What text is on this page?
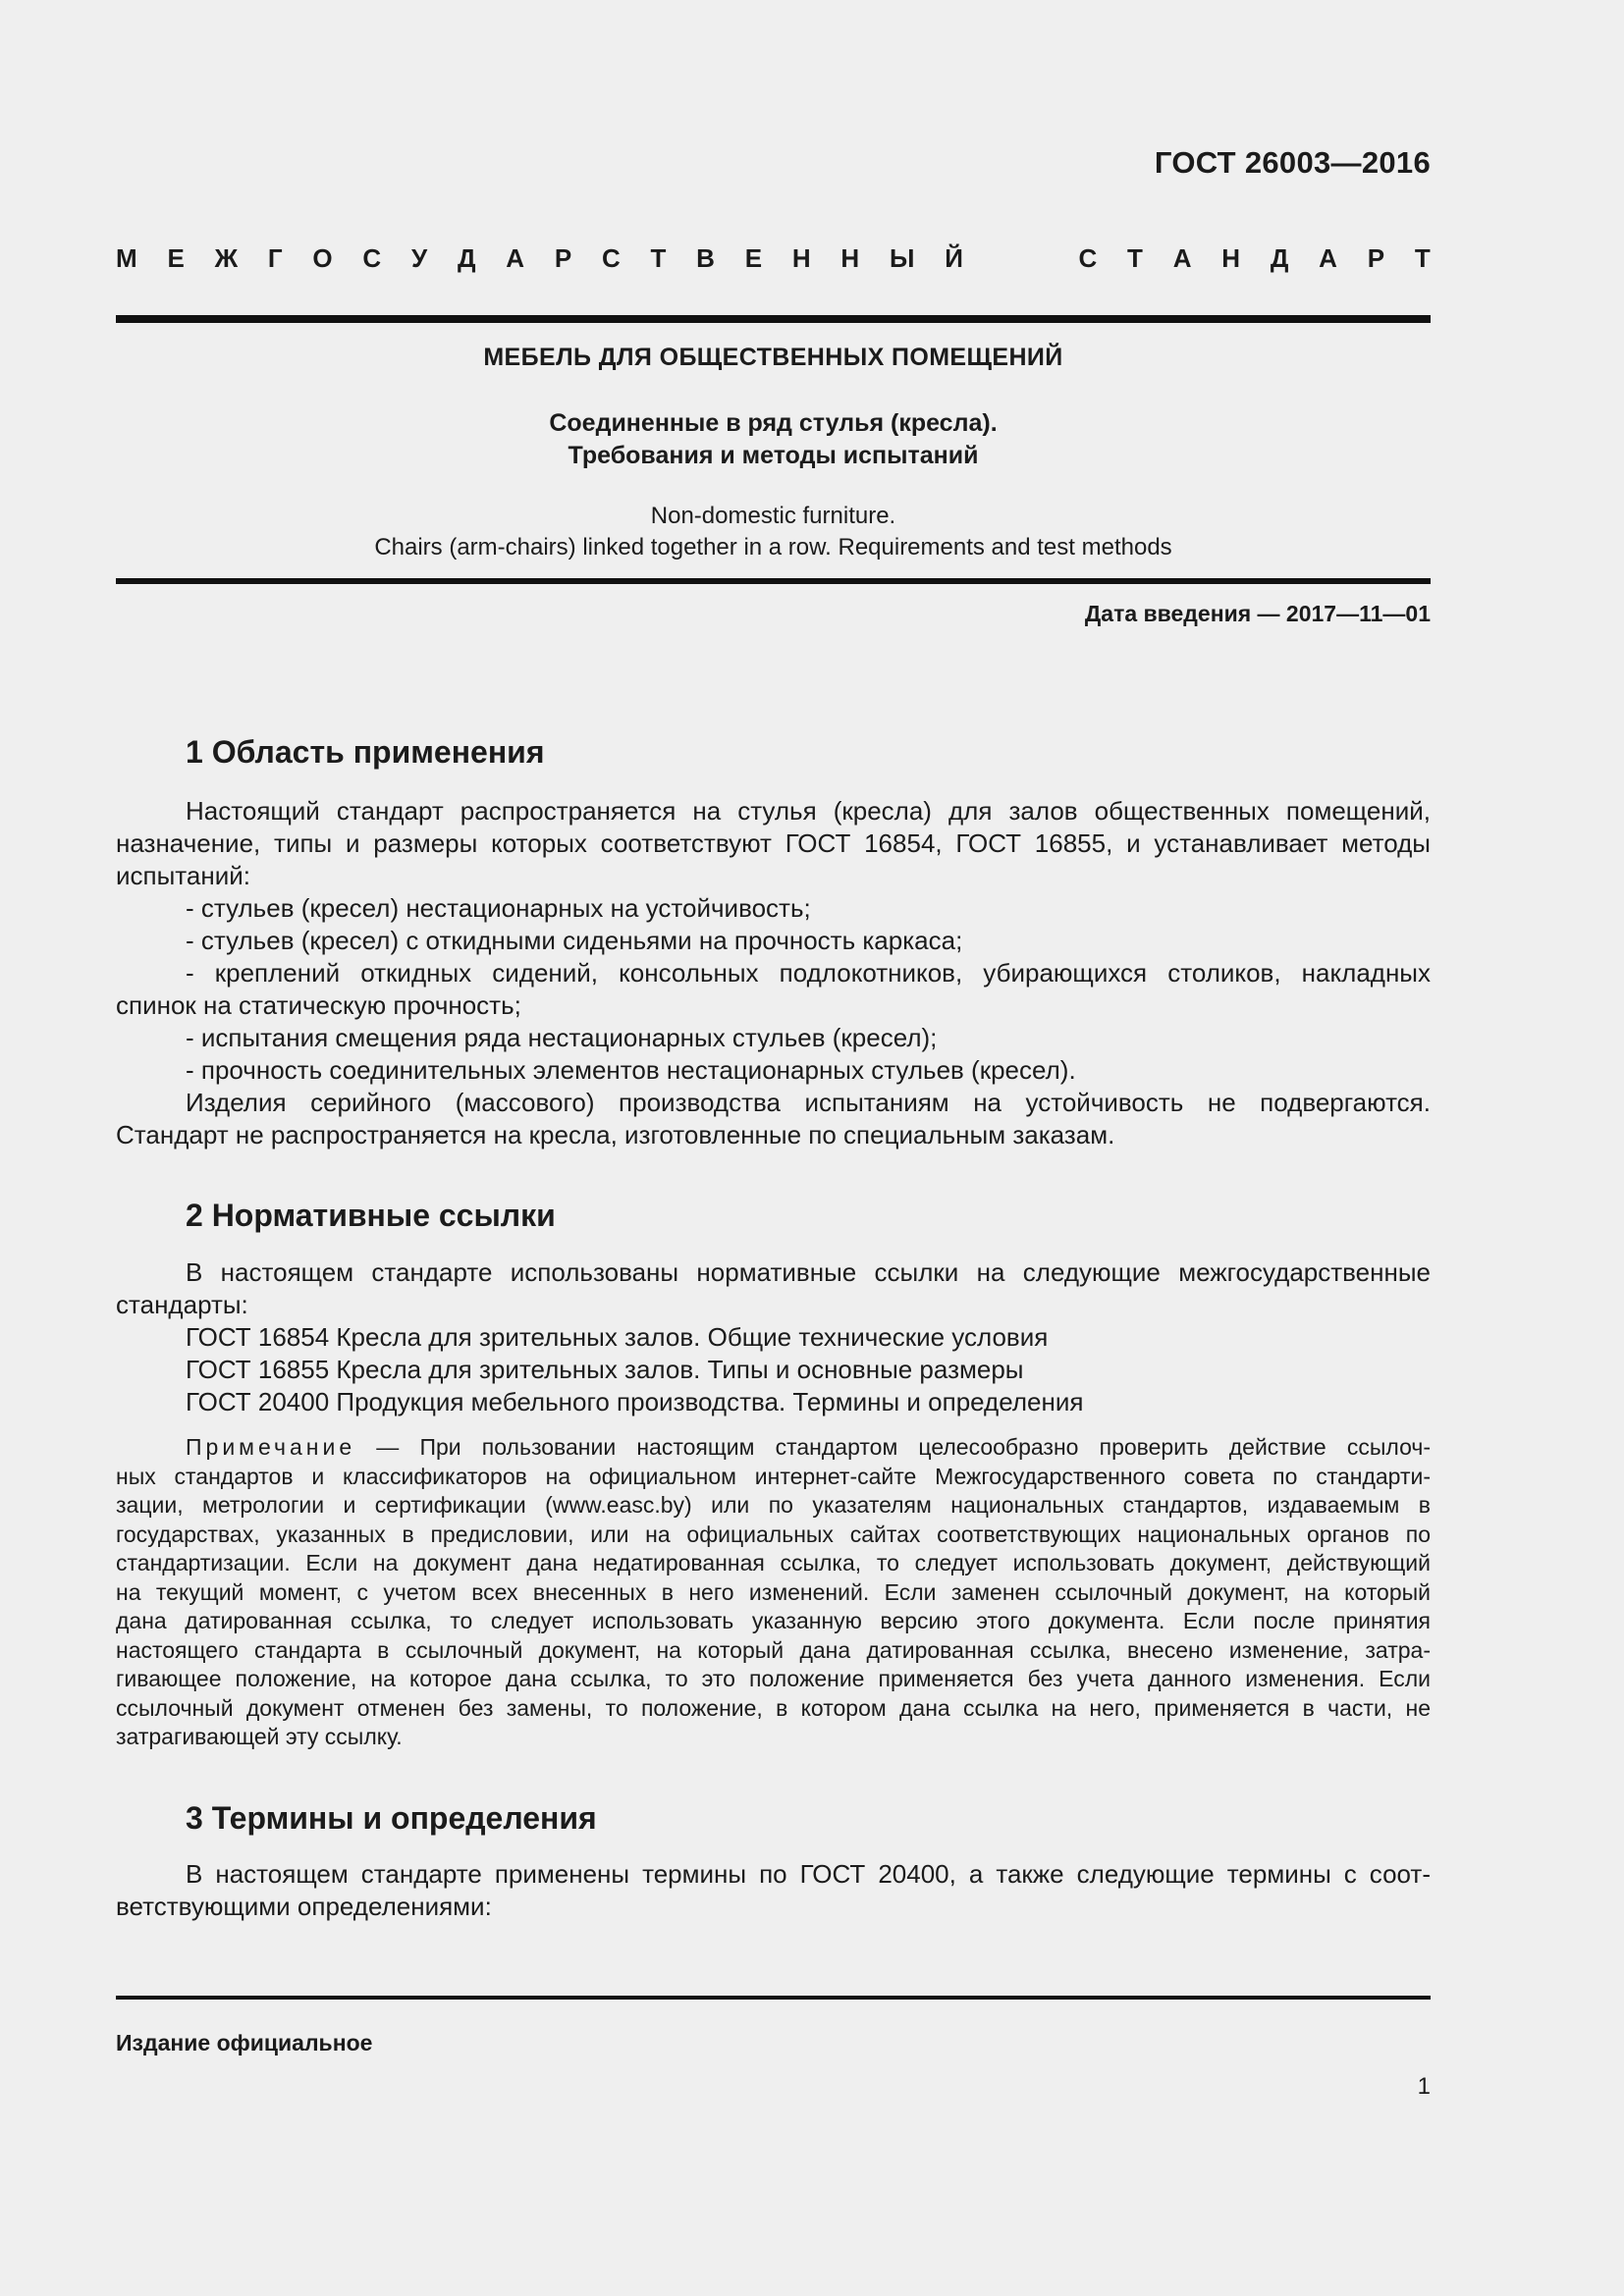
ГОСТ 26003—2016
М Е Ж Г О С У Д А Р С Т В Е Н Н Ы Й	С Т А Н Д А Р Т
МЕБЕЛЬ ДЛЯ ОБЩЕСТВЕННЫХ ПОМЕЩЕНИЙ
Соединенные в ряд стулья (кресла).
Требования и методы испытаний
Non-domestic furniture.
Chairs (arm-chairs) linked together in a row. Requirements and test methods
Дата введения — 2017—11—01
1 Область применения
Настоящий стандарт распространяется на стулья (кресла) для залов общественных помещений,
назначение, типы и размеры которых соответствуют ГОСТ 16854, ГОСТ 16855, и устанавливает методы
испытаний:
- стульев (кресел) нестационарных на устойчивость;
- стульев (кресел) с откидными сиденьями на прочность каркаса;
- креплений откидных сидений, консольных подлокотников, убирающихся столиков, накладных
спинок на статическую прочность;
- испытания смещения ряда нестационарных стульев (кресел);
- прочность соединительных элементов нестационарных стульев (кресел).
Изделия серийного (массового) производства испытаниям на устойчивость не подвергаются.
Стандарт не распространяется на кресла, изготовленные по специальным заказам.
2 Нормативные ссылки
В настоящем стандарте использованы нормативные ссылки на следующие межгосударственные
стандарты:
ГОСТ 16854 Кресла для зрительных залов. Общие технические условия
ГОСТ 16855 Кресла для зрительных залов. Типы и основные размеры
ГОСТ 20400 Продукция мебельного производства. Термины и определения
Примечание — При пользовании настоящим стандартом целесообразно проверить действие ссылоч-
ных стандартов и классификаторов на официальном интернет-сайте Межгосударственного совета по стандарти-
зации, метрологии и сертификации (www.easc.by) или по указателям национальных стандартов, издаваемым в
государствах, указанных в предисловии, или на официальных сайтах соответствующих национальных органов по
стандартизации. Если на документ дана недатированная ссылка, то следует использовать документ, действующий
на текущий момент, с учетом всех внесенных в него изменений. Если заменен ссылочный документ, на который
дана датированная ссылка, то следует использовать указанную версию этого документа. Если после принятия
настоящего стандарта в ссылочный документ, на который дана датированная ссылка, внесено изменение, затра-
гивающее положение, на которое дана ссылка, то это положение применяется без учета данного изменения. Если
ссылочный документ отменен без замены, то положение, в котором дана ссылка на него, применяется в части, не
затрагивающей эту ссылку.
3 Термины и определения
В настоящем стандарте применены термины по ГОСТ 20400, а также следующие термины с соот-
ветствующими определениями:
Издание официальное
1
